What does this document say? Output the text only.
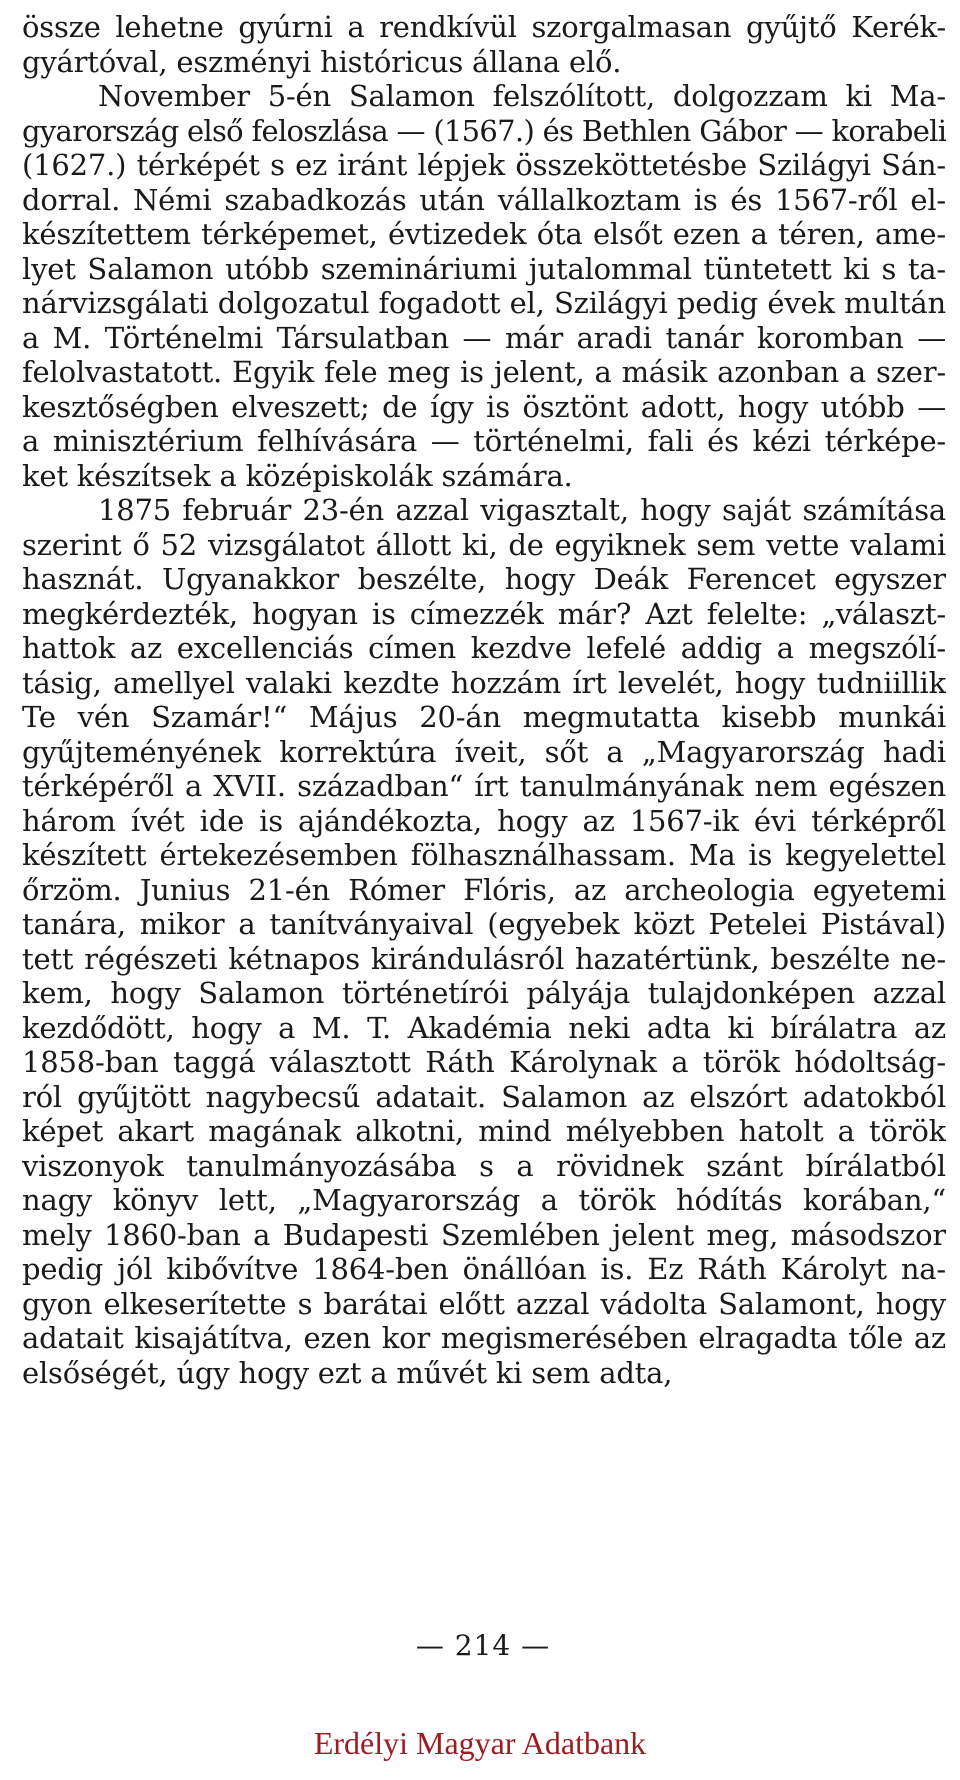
össze lehetne gyúrni a rendkívül szorgalmasan gyűjtő Kerék-
gyártóval, eszményi históricus állana elő.
November 5-én Salamon felszólított, dolgozzam ki Ma-
gyarország első feloszlása — (1567.) és Bethlen Gábor — korabeli
(1627.) térképét s ez iránt lépjek összeköttetésbe Szilágyi Sán-
dorral. Némi szabadkozás után vállalkoztam is és 1567-ről el-
készítettem térképemet, évtizedek óta elsőt ezen a téren, ame-
lyet Salamon utóbb szemináriumi jutalommal tüntetett ki s ta-
nárvizsgálati dolgozatul fogadott el, Szilágyi pedig évek multán
a M. Történelmi Társulatban — már aradi tanár koromban —
felolvastatott. Egyik fele meg is jelent, a másik azonban a szer-
kesztőségben elveszett; de így is ösztönt adott, hogy utóbb —
a minisztérium felhívására — történelmi, fali és kézi térképe-
ket készítsek a középiskolák számára.
1875 február 23-én azzal vigasztalt, hogy saját számítása
szerint ő 52 vizsgálatot állott ki, de egyiknek sem vette valami
hasznát. Ugyanakkor beszélte, hogy Deák Ferencet egyszer
megkérdezték, hogyan is címezzék már? Azt felelte: „választ-
hattok az excellenciás címen kezdve lefelé addig a megszólí-
tásig, amellyel valaki kezdte hozzám írt levelét, hogy tudniillik
Te vén Szamár!“ Május 20-án megmutatta kisebb munkái
gyűjteményének korrektúra íveit, sőt a „Magyarország hadi
térképéről a XVII. században“ írt tanulmányának nem egészen
három ívét ide is ajándékozta, hogy az 1567-ik évi térképről
készített értekezésemben fölhasználhassam. Ma is kegyelettel
őrzöm. Junius 21-én Rómer Flóris, az archeologia egyetemi
tanára, mikor a tanítványaival (egyebek közt Petelei Pistával)
tett régészeti kétnapos kirándulásról hazatértünk, beszélte ne-
kem, hogy Salamon történetírói pályája tulajdonképen azzal
kezdődött, hogy a M. T. Akadémia neki adta ki bírálatra az
1858-ban taggá választott Ráth Károlynak a török hódoltság-
ról gyűjtött nagybecsű adatait. Salamon az elszórt adatokból
képet akart magának alkotni, mind mélyebben hatolt a török
viszonyok tanulmányozásába s a rövidnek szánt bírálatból
nagy könyv lett, „Magyarország a török hódítás korában,“
mely 1860-ban a Budapesti Szemlében jelent meg, másodszor
pedig jól kibővítve 1864-ben önállóan is. Ez Ráth Károlyt na-
gyon elkeserítette s barátai előtt azzal vádolta Salamont, hogy
adatait kisajátítva, ezen kor megismerésében elragadta tőle az
elsőségét, úgy hogy ezt a művét ki sem adta,
— 214 —
Erdélyi Magyar Adatbank
